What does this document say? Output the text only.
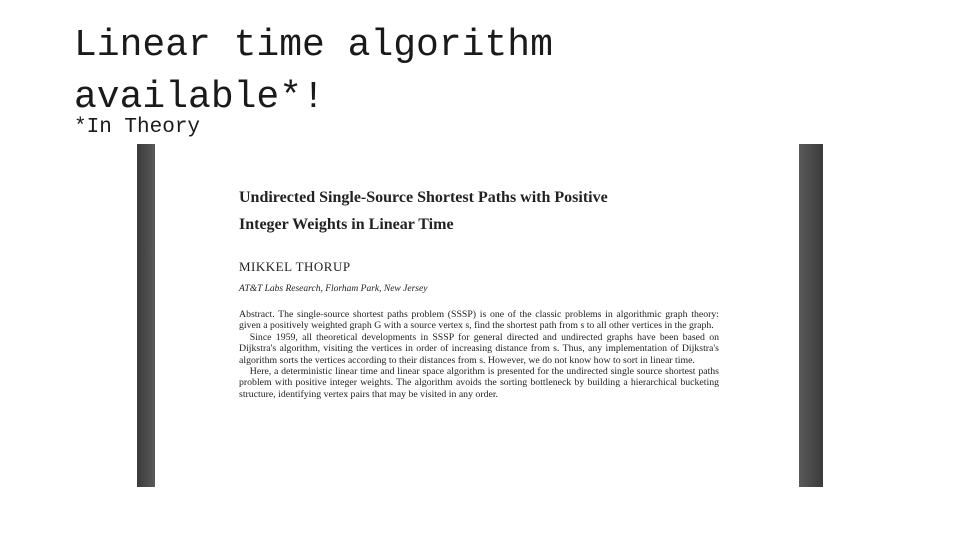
Linear time algorithm
available*!
*In Theory
Undirected Single-Source Shortest Paths with Positive
Integer Weights in Linear Time
MIKKEL THORUP
AT&T Labs Research, Florham Park, New Jersey

Abstract. The single-source shortest paths problem (SSSP) is one of the classic problems in algorithmic graph theory: given a positively weighted graph G with a source vertex s, find the shortest path from s to all other vertices in the graph.

Since 1959, all theoretical developments in SSSP for general directed and undirected graphs have been based on Dijkstra's algorithm, visiting the vertices in order of increasing distance from s. Thus, any implementation of Dijkstra's algorithm sorts the vertices according to their distances from s. However, we do not know how to sort in linear time.

Here, a deterministic linear time and linear space algorithm is presented for the undirected single source shortest paths problem with positive integer weights. The algorithm avoids the sorting bottleneck by building a hierarchical bucketing structure, identifying vertex pairs that may be visited in any order.
